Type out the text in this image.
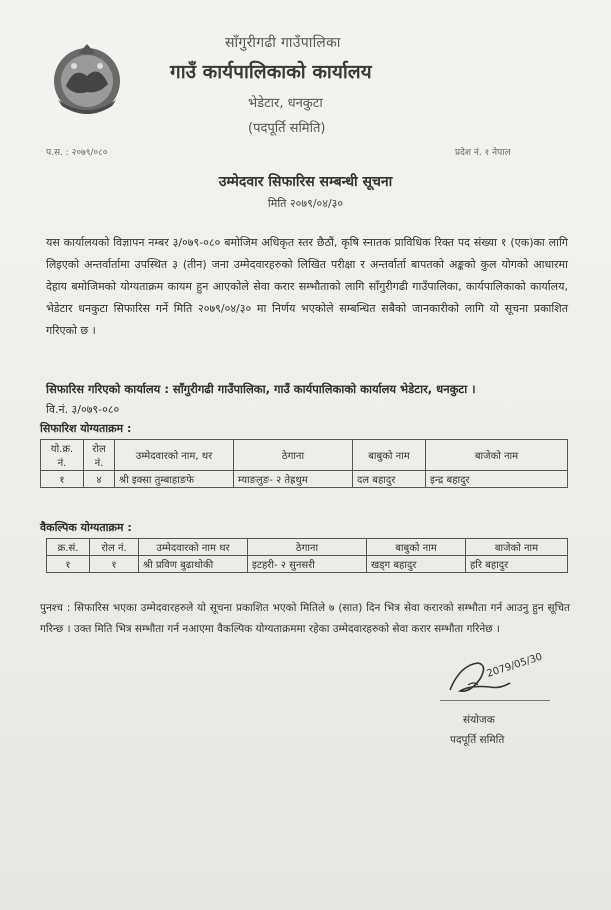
साँगुरीगढी गाउँपालिका
गाउँ कार्यपालिकाको कार्यालय
भेडेटार, धनकुटा
(पदपूर्ति समिति)
प.स. : २०७९/०८०	प्रदेश नं. १ नेपाल
उम्मेदवार सिफारिस सम्बन्धी सूचना
मिति २०७९/०४/३०
यस कार्यालयको विज्ञापन नम्बर ३/०७९-०८० बमोजिम अधिकृत स्तर छैठौं, कृषि स्नातक प्राविधिक रिक्त पद संख्या १ (एक)का लागि लिइएको अन्तर्वार्तामा उपस्थित ३ (तीन) जना उम्मेदवारहरुको लिखित परीक्षा र अन्तर्वार्ता बापतको अङ्कको कुल योगको आधारमा देहाय बमोजिमको योग्यताक्रम कायम हुन आएकोले सेवा करार सम्भौताको लागि साँगुरीगढी गाउँपालिका, कार्यपालिकाको कार्यालय, भेडेटार धनकुटा सिफारिस गर्ने मिति २०७९/०४/३० मा निर्णय भएकोले सम्बन्धित सबैको जानकारीको लागि यो सूचना प्रकाशित गरिएको छ ।
सिफारिस गरिएको कार्यालय : साँगुरीगढी गाउँपालिका, गाउँ कार्यपालिकाको कार्यालय भेडेटार, धनकुटा ।
वि.नं. ३/०७९-०८०
सिफारिश योग्यताक्रम :
यो.क्र. नं.	रोल नं.	उम्मेदवारको नाम, थर	ठेगाना	बाबुको नाम	बाजेको नाम
१	४	श्री इक्सा तुम्बाहाङफे	म्याङलुङ- २ तेह्रथुम	दल बहादुर	इन्द्र बहादुर
वैकल्पिक योग्यताक्रम :
क्र.सं.	रोल नं.	उम्मेदवारको नाम थर	ठेगाना	बाबुको नाम	बाजेको नाम
१	१	श्री प्रविण बुढाथोकी	इटहरी- २ सुनसरी	खड्ग बहादुर	हरि बहादुर
पुनश्च : सिफारिस भएका उम्मेदवारहरुले यो सूचना प्रकाशित भएको मितिले ७ (सात) दिन भित्र सेवा करारको सम्भौता गर्न आउनु हुन सूचित गरिन्छ । उक्त मिति भित्र सम्भौता गर्न नआएमा वैकल्पिक योग्यताक्रममा रहेका उम्मेदवारहरुको सेवा करार सम्भौता गरिनेछ ।
2079/05/30
संयोजक
पदपूर्ति समिति
